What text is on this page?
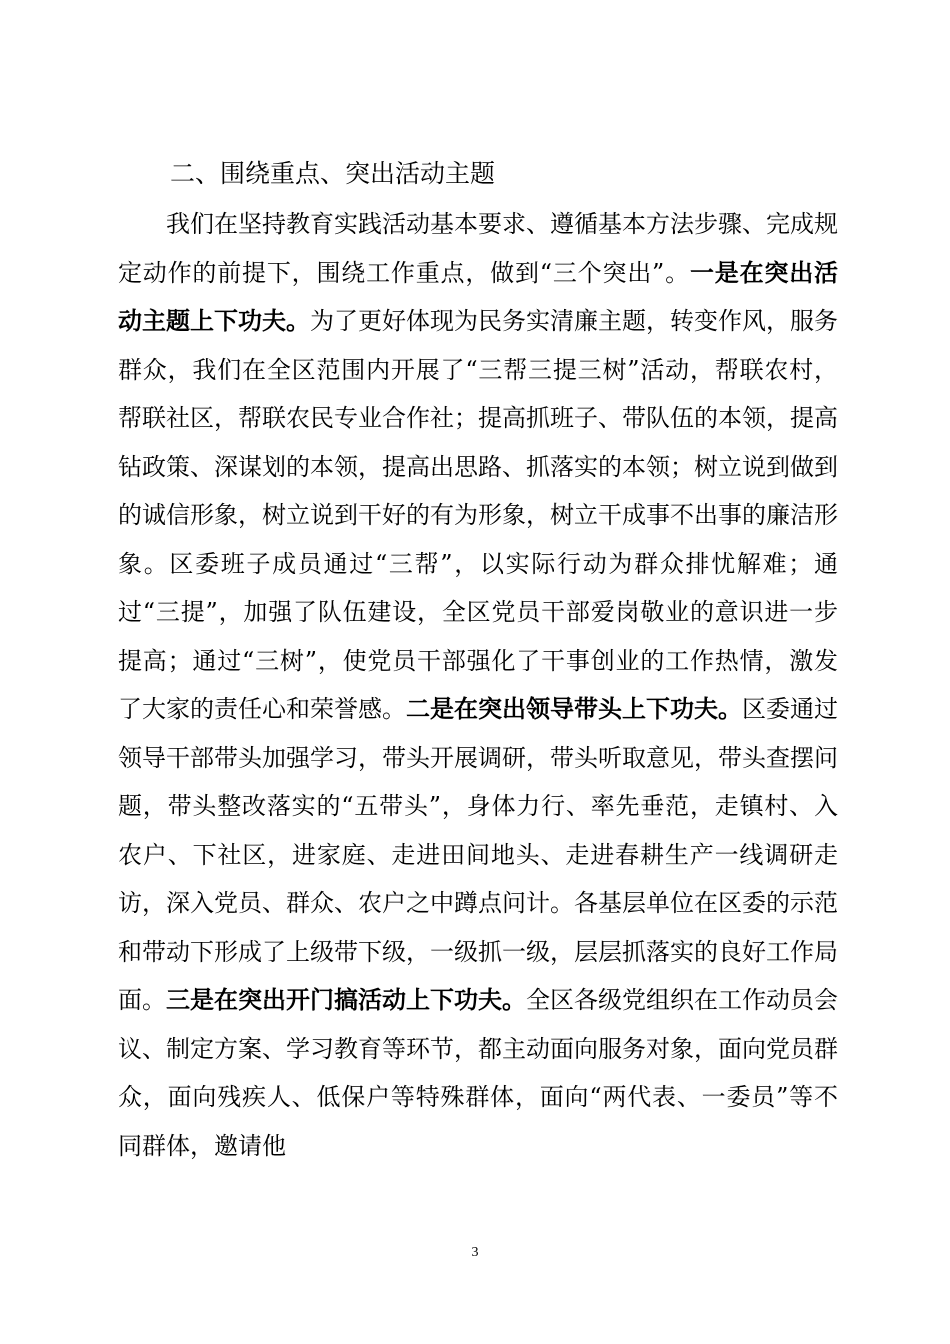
二、围绕重点、突出活动主题

我们在坚持教育实践活动基本要求、遵循基本方法步骤、完成规定动作的前提下，围绕工作重点，做到“三个突出”。一是在突出活动主题上下功夫。为了更好体现为民务实清廉主题，转变作风，服务群众，我们在全区范围内开展了“三帮三提三树”活动，帮联农村，帮联社区，帮联农民专业合作社；提高抓班子、带队伍的本领，提高钻政策、深谋划的本领，提高出思路、抓落实的本领；树立说到做到的诚信形象，树立说到干好的有为形象，树立干成事不出事的廉洁形象。区委班子成员通过“三帮”，以实际行动为群众排忧解难；通过“三提”，加强了队伍建设，全区党员干部爱岗敬业的意识进一步提高；通过“三树”，使党员干部强化了干事创业的工作热情，激发了大家的责任心和荣誉感。二是在突出领导带头上下功夫。区委通过领导干部带头加强学习，带头开展调研，带头听取意见，带头查摆问题，带头整改落实的“五带头”，身体力行、率先垂范，走镇村、入农户、下社区，进家庭、走进田间地头、走进春耕生产一线调研走访，深入党员、群众、农户之中蹲点问计。各基层单位在区委的示范和带动下形成了上级带下级，一级抓一级，层层抓落实的良好工作局面。三是在突出开门搞活动上下功夫。全区各级党组织在工作动员会议、制定方案、学习教育等环节，都主动面向服务对象，面向党员群众，面向残疾人、低保户等特殊群体，面向“两代表、一委员”等不同群体，邀请他

3
